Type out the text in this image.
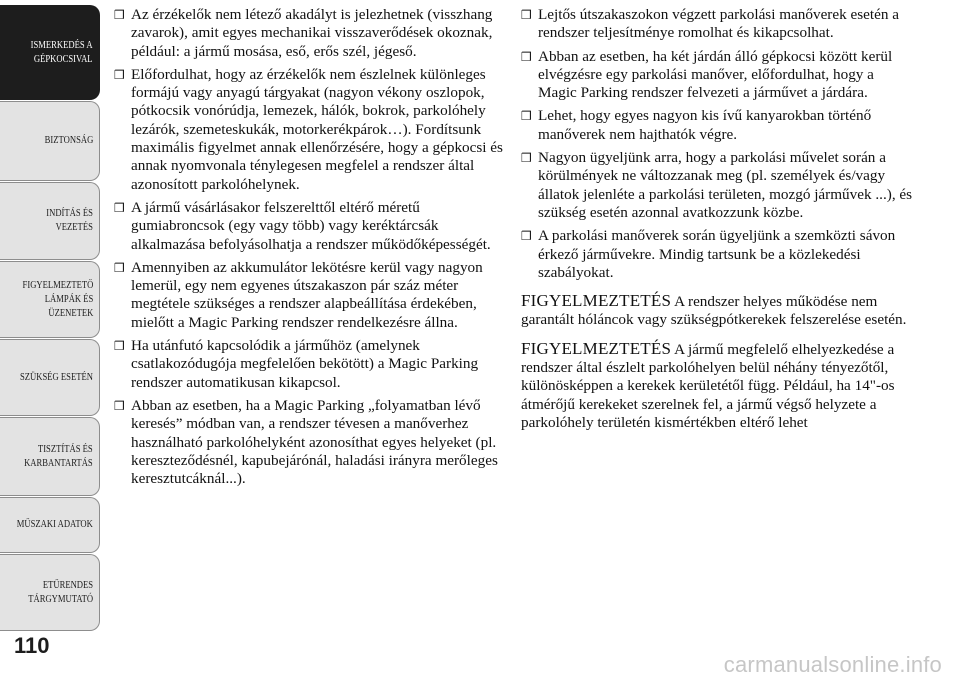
ISMERKEDÉS A
GÉPKOCSIVAL
BIZTONSÁG
INDÍTÁS ÉS
VEZETÉS
FIGYELMEZTETŐ
LÁMPÁK ÉS
ÜZENETEK
SZÜKSÉG ESETÉN
TISZTÍTÁS ÉS
KARBANTARTÁS
MŰSZAKI ADATOK
ETŰRENDES
TÁRGYMUTATÓ
110

❒ Az érzékelők nem létező akadályt is jelezhetnek (visszhang zavarok), amit egyes mechanikai visszaverődések okoznak, például: a jármű mosása, eső, erős szél, jégeső.

❒ Előfordulhat, hogy az érzékelők nem észlelnek különleges formájú vagy anyagú tárgyakat (nagyon vékony oszlopok, pótkocsik vonórúdja, lemezek, hálók, bokrok, parkolóhely lezárók, szemeteskukák, motorkerékpárok…). Fordítsunk maximális figyelmet annak ellenőrzésére, hogy a gépkocsi és annak nyomvonala ténylegesen megfelel a rendszer által azonosított parkolóhelynek.

❒ A jármű vásárlásakor felszerelttől eltérő méretű gumiabroncsok (egy vagy több) vagy keréktárcsák alkalmazása befolyásolhatja a rendszer működőképességét.

❒ Amennyiben az akkumulátor lekötésre kerül vagy nagyon lemerül, egy nem egyenes útszakaszon pár száz méter megtétele szükséges a rendszer alapbeállítása érdekében, mielőtt a Magic Parking rendszer rendelkezésre állna.

❒ Ha utánfutó kapcsolódik a járműhöz (amelynek csatlakozódugója megfelelően bekötött) a Magic Parking rendszer automatikusan kikapcsol.

❒ Abban az esetben, ha a Magic Parking „folyamatban lévő keresés” módban van, a rendszer tévesen a manőverhez használható parkolóhelyként azonosíthat egyes helyeket (pl. kereszteződésnél, kapubejárónál, haladási irányra merőleges keresztutcáknál...).

❒ Lejtős útszakaszokon végzett parkolási manőverek esetén a rendszer teljesítménye romolhat és kikapcsolhat.

❒ Abban az esetben, ha két járdán álló gépkocsi között kerül elvégzésre egy parkolási manőver, előfordulhat, hogy a Magic Parking rendszer felvezeti a járművet a járdára.

❒ Lehet, hogy egyes nagyon kis ívű kanyarokban történő manőverek nem hajthatók végre.

❒ Nagyon ügyeljünk arra, hogy a parkolási művelet során a körülmények ne változzanak meg (pl. személyek és/vagy állatok jelenléte a parkolási területen, mozgó járművek ...), és szükség esetén azonnal avatkozzunk közbe.

❒ A parkolási manőverek során ügyeljünk a szemközti sávon érkező járművekre. Mindig tartsunk be a közlekedési szabályokat.

FIGYELMEZTETÉS A rendszer helyes működése nem garantált hóláncok vagy szükségpótkerekek felszerelése esetén.

FIGYELMEZTETÉS A jármű megfelelő elhelyezkedése a rendszer által észlelt parkolóhelyen belül néhány tényezőtől, különösképpen a kerekek kerületétől függ. Például, ha 14"-os átmérőjű kerekeket szerelnek fel, a jármű végső helyzete a parkolóhely területén kismértékben eltérő lehet

carmanualsonline.info
